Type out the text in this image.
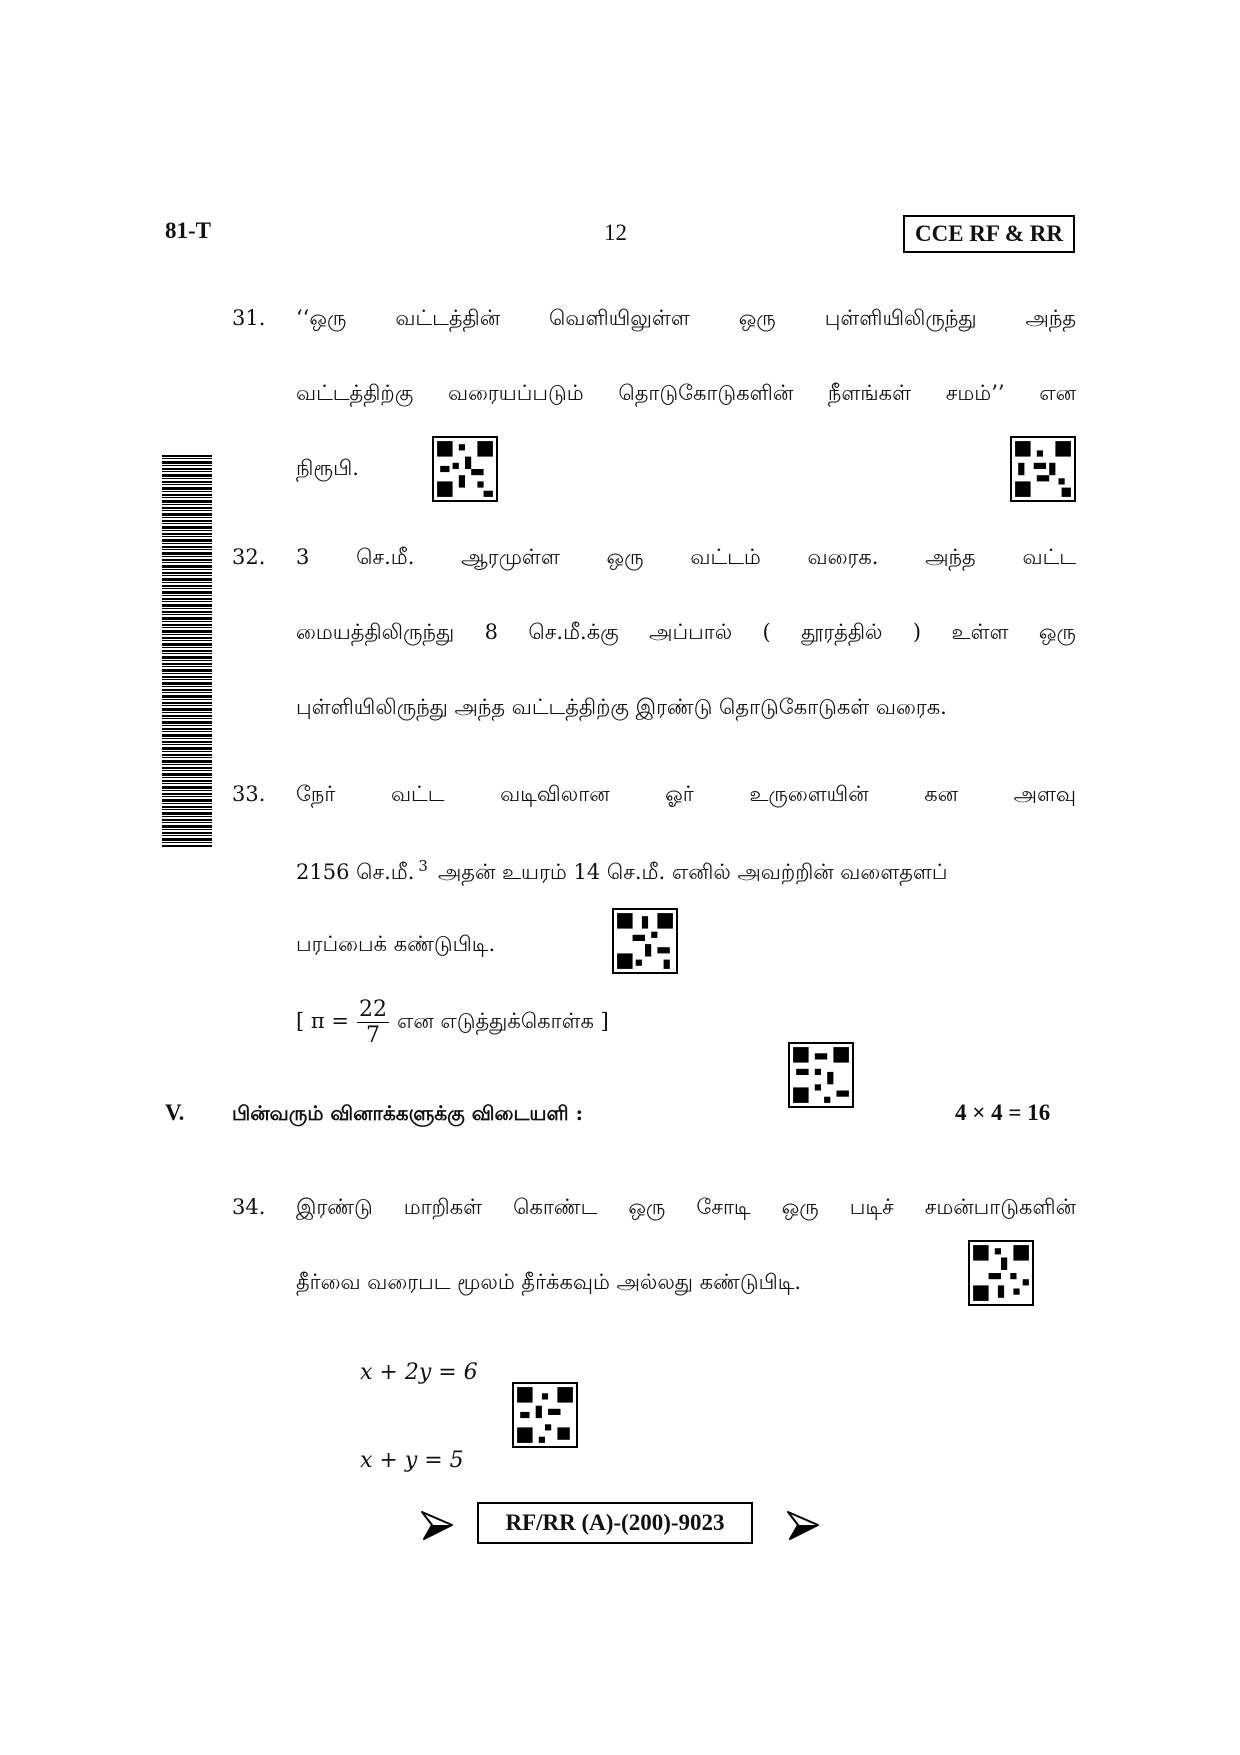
81-T	12	CCE RF & RR
31. ‘‘ஒரு வட்டத்தின் வெளியிலுள்ள ஒரு புள்ளியிலிருந்து அந்த
வட்டத்திற்கு வரையப்படும் தொடுகோடுகளின் நீளங்கள் சமம்’’ என
நிரூபி.
32. 3 செ.மீ. ஆரமுள்ள ஒரு வட்டம் வரைக. அந்த வட்ட
மையத்திலிருந்து 8 செ.மீ.க்கு அப்பால் ( தூரத்தில் ) உள்ள ஒரு
புள்ளியிலிருந்து அந்த வட்டத்திற்கு இரண்டு தொடுகோடுகள் வரைக.
33. நேர் வட்ட வடிவிலான ஓர் உருளையின் கன அளவு
2156 செ.மீ. $^3$ அதன் உயரம் 14 செ.மீ. எனில் அவற்றின் வளைதளப்
பரப்பைக் கண்டுபிடி.
[ $\pi = \frac{22}{7}$ என எடுத்துக்கொள்க ]
V. பின்வரும் வினாக்களுக்கு விடையளி :	4 × 4 = 16
34. இரண்டு மாறிகள் கொண்ட ஒரு சோடி ஒரு படிச் சமன்பாடுகளின்
தீர்வை வரைபட மூலம் தீர்க்கவும் அல்லது கண்டுபிடி.
x + 2y = 6
x + y = 5
RF/RR (A)-(200)-9023
